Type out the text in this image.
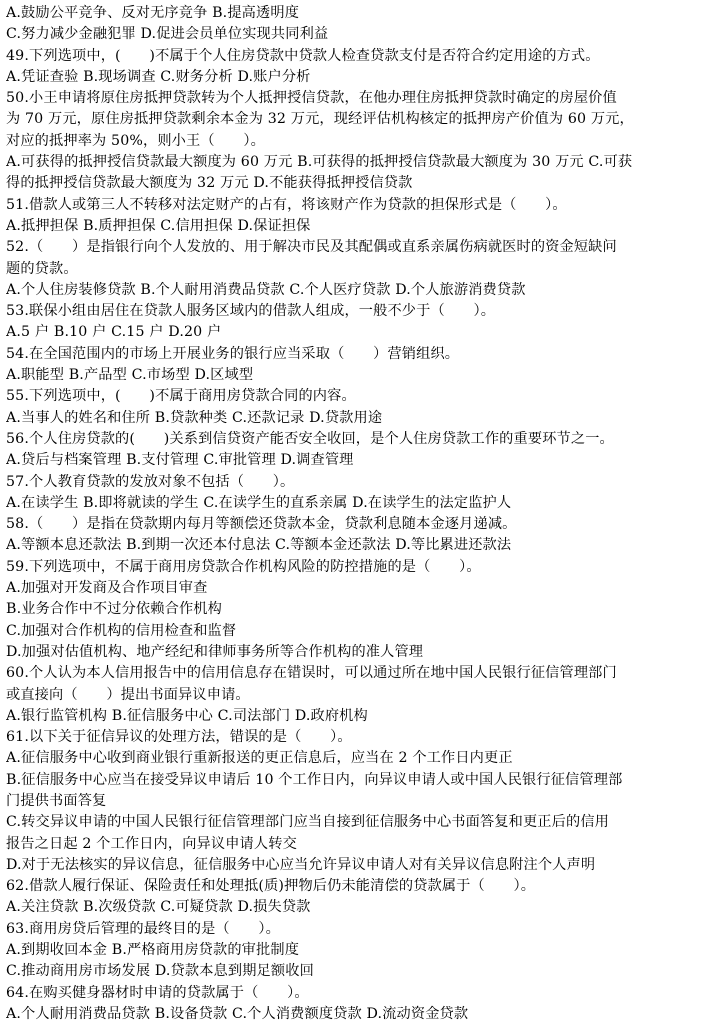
A.鼓励公平竞争、反对无序竞争 B.提高透明度
C.努力减少金融犯罪 D.促进会员单位实现共同利益
49.下列选项中，(　　)不属于个人住房贷款中贷款人检查贷款支付是否符合约定用途的方式。
A.凭证查验 B.现场调查 C.财务分析 D.账户分析
50.小王申请将原住房抵押贷款转为个人抵押授信贷款，在他办理住房抵押贷款时确定的房屋价值
为 70 万元，原住房抵押贷款剩余本金为 32 万元，现经评估机构核定的抵押房产价值为 60 万元，
对应的抵押率为 50%，则小王（　　）。
A.可获得的抵押授信贷款最大额度为 60 万元 B.可获得的抵押授信贷款最大额度为 30 万元 C.可获
得的抵押授信贷款最大额度为 32 万元 D.不能获得抵押授信贷款
51.借款人或第三人不转移对法定财产的占有，将该财产作为贷款的担保形式是（　　）。
A.抵押担保 B.质押担保 C.信用担保 D.保证担保
52.（　　）是指银行向个人发放的、用于解决市民及其配偶或直系亲属伤病就医时的资金短缺问
题的贷款。
A.个人住房装修贷款 B.个人耐用消费品贷款 C.个人医疗贷款 D.个人旅游消费贷款
53.联保小组由居住在贷款人服务区域内的借款人组成，一般不少于（　　）。
A.5 户 B.10 户 C.15 户 D.20 户
54.在全国范围内的市场上开展业务的银行应当采取（　　）营销组织。
A.职能型 B.产品型 C.市场型 D.区域型
55.下列选项中，(　　)不属于商用房贷款合同的内容。
A.当事人的姓名和住所 B.贷款种类 C.还款记录 D.贷款用途
56.个人住房贷款的(　　)关系到信贷资产能否安全收回，是个人住房贷款工作的重要环节之一。
A.贷后与档案管理 B.支付管理 C.审批管理 D.调查管理
57.个人教育贷款的发放对象不包括（　　）。
A.在读学生 B.即将就读的学生 C.在读学生的直系亲属 D.在读学生的法定监护人
58.（　　）是指在贷款期内每月等额偿还贷款本金，贷款利息随本金逐月递减。
A.等额本息还款法 B.到期一次还本付息法 C.等额本金还款法 D.等比累进还款法
59.下列选项中，不属于商用房贷款合作机构风险的防控措施的是（　　）。
A.加强对开发商及合作项目审查
B.业务合作中不过分依赖合作机构
C.加强对合作机构的信用检查和监督
D.加强对估值机构、地产经纪和律师事务所等合作机构的准人管理
60.个人认为本人信用报告中的信用信息存在错误时，可以通过所在地中国人民银行征信管理部门
或直接向（　　）提出书面异议申请。
A.银行监管机构 B.征信服务中心 C.司法部门 D.政府机构
61.以下关于征信异议的处理方法，错误的是（　　）。
A.征信服务中心收到商业银行重新报送的更正信息后，应当在 2 个工作日内更正
B.征信服务中心应当在接受异议申请后 10 个工作日内，向异议申请人或中国人民银行征信管理部
门提供书面答复
C.转交异议申请的中国人民银行征信管理部门应当自接到征信服务中心书面答复和更正后的信用
报告之日起 2 个工作日内，向异议申请人转交
D.对于无法核实的异议信息，征信服务中心应当允许异议申请人对有关异议信息附注个人声明
62.借款人履行保证、保险责任和处理抵(质)押物后仍未能清偿的贷款属于（　　）。
A.关注贷款 B.次级贷款 C.可疑贷款 D.损失贷款
63.商用房贷后管理的最终目的是（　　）。
A.到期收回本金 B.严格商用房贷款的审批制度
C.推动商用房市场发展 D.贷款本息到期足额收回
64.在购买健身器材时申请的贷款属于（　　）。
A.个人耐用消费品贷款 B.设备贷款 C.个人消费额度贷款 D.流动资金贷款
